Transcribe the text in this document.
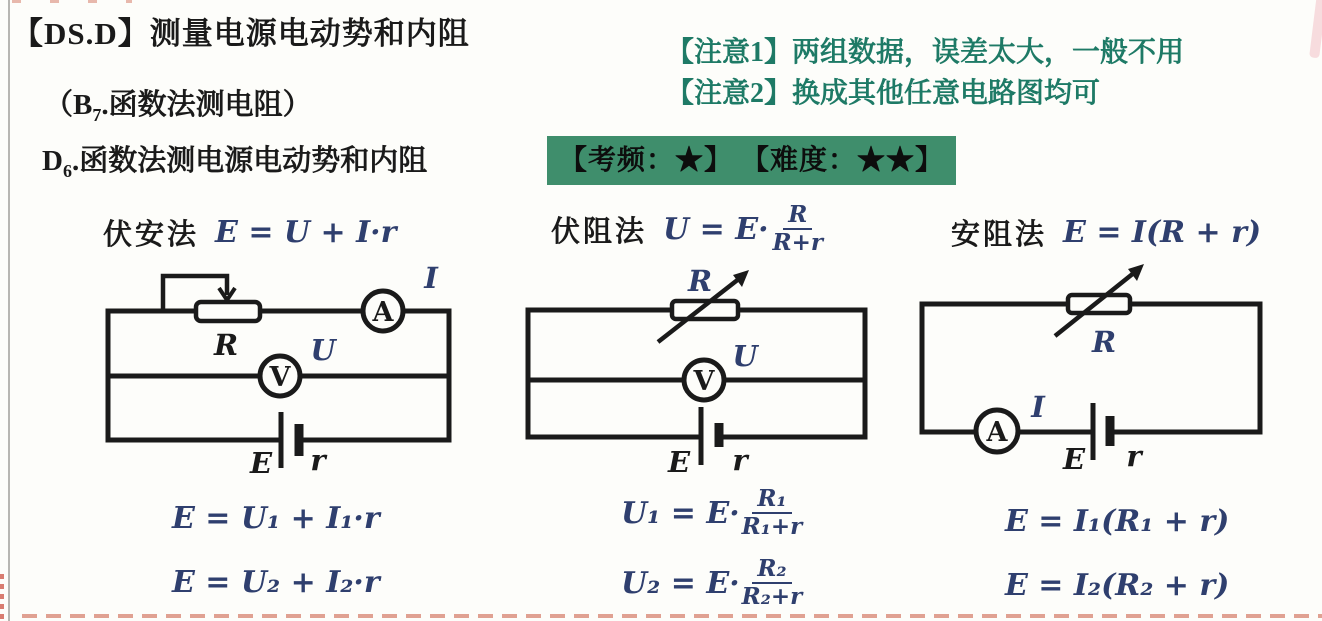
【DS.D】测量电源电动势和内阻
【注意1】两组数据，误差太大，一般不用
【注意2】换成其他任意电路图均可
（$B_7$.函数法测电阻）
$D_6$.函数法测电源电动势和内阻	【考频：★】 【难度：★★】
伏安法 E = U + I·r	伏阻法 $U = E\cdot \frac{R}{R+r}$	安阻法 E = I(R + r)
A
V
R
I
U
E r
V
R
U
E r
A
R
I
E r
E = U₁ + I₁·r
E = U₂ + I₂·r
$U_1 = E\cdot \frac{\text{R₁}}{\text{R₁+r}}$
$U_2 = E\cdot \frac{\text{R₂}}{\text{R₂+r}}$
E = I₁(R₁ + r)
E = I₂(R₂ + r)
